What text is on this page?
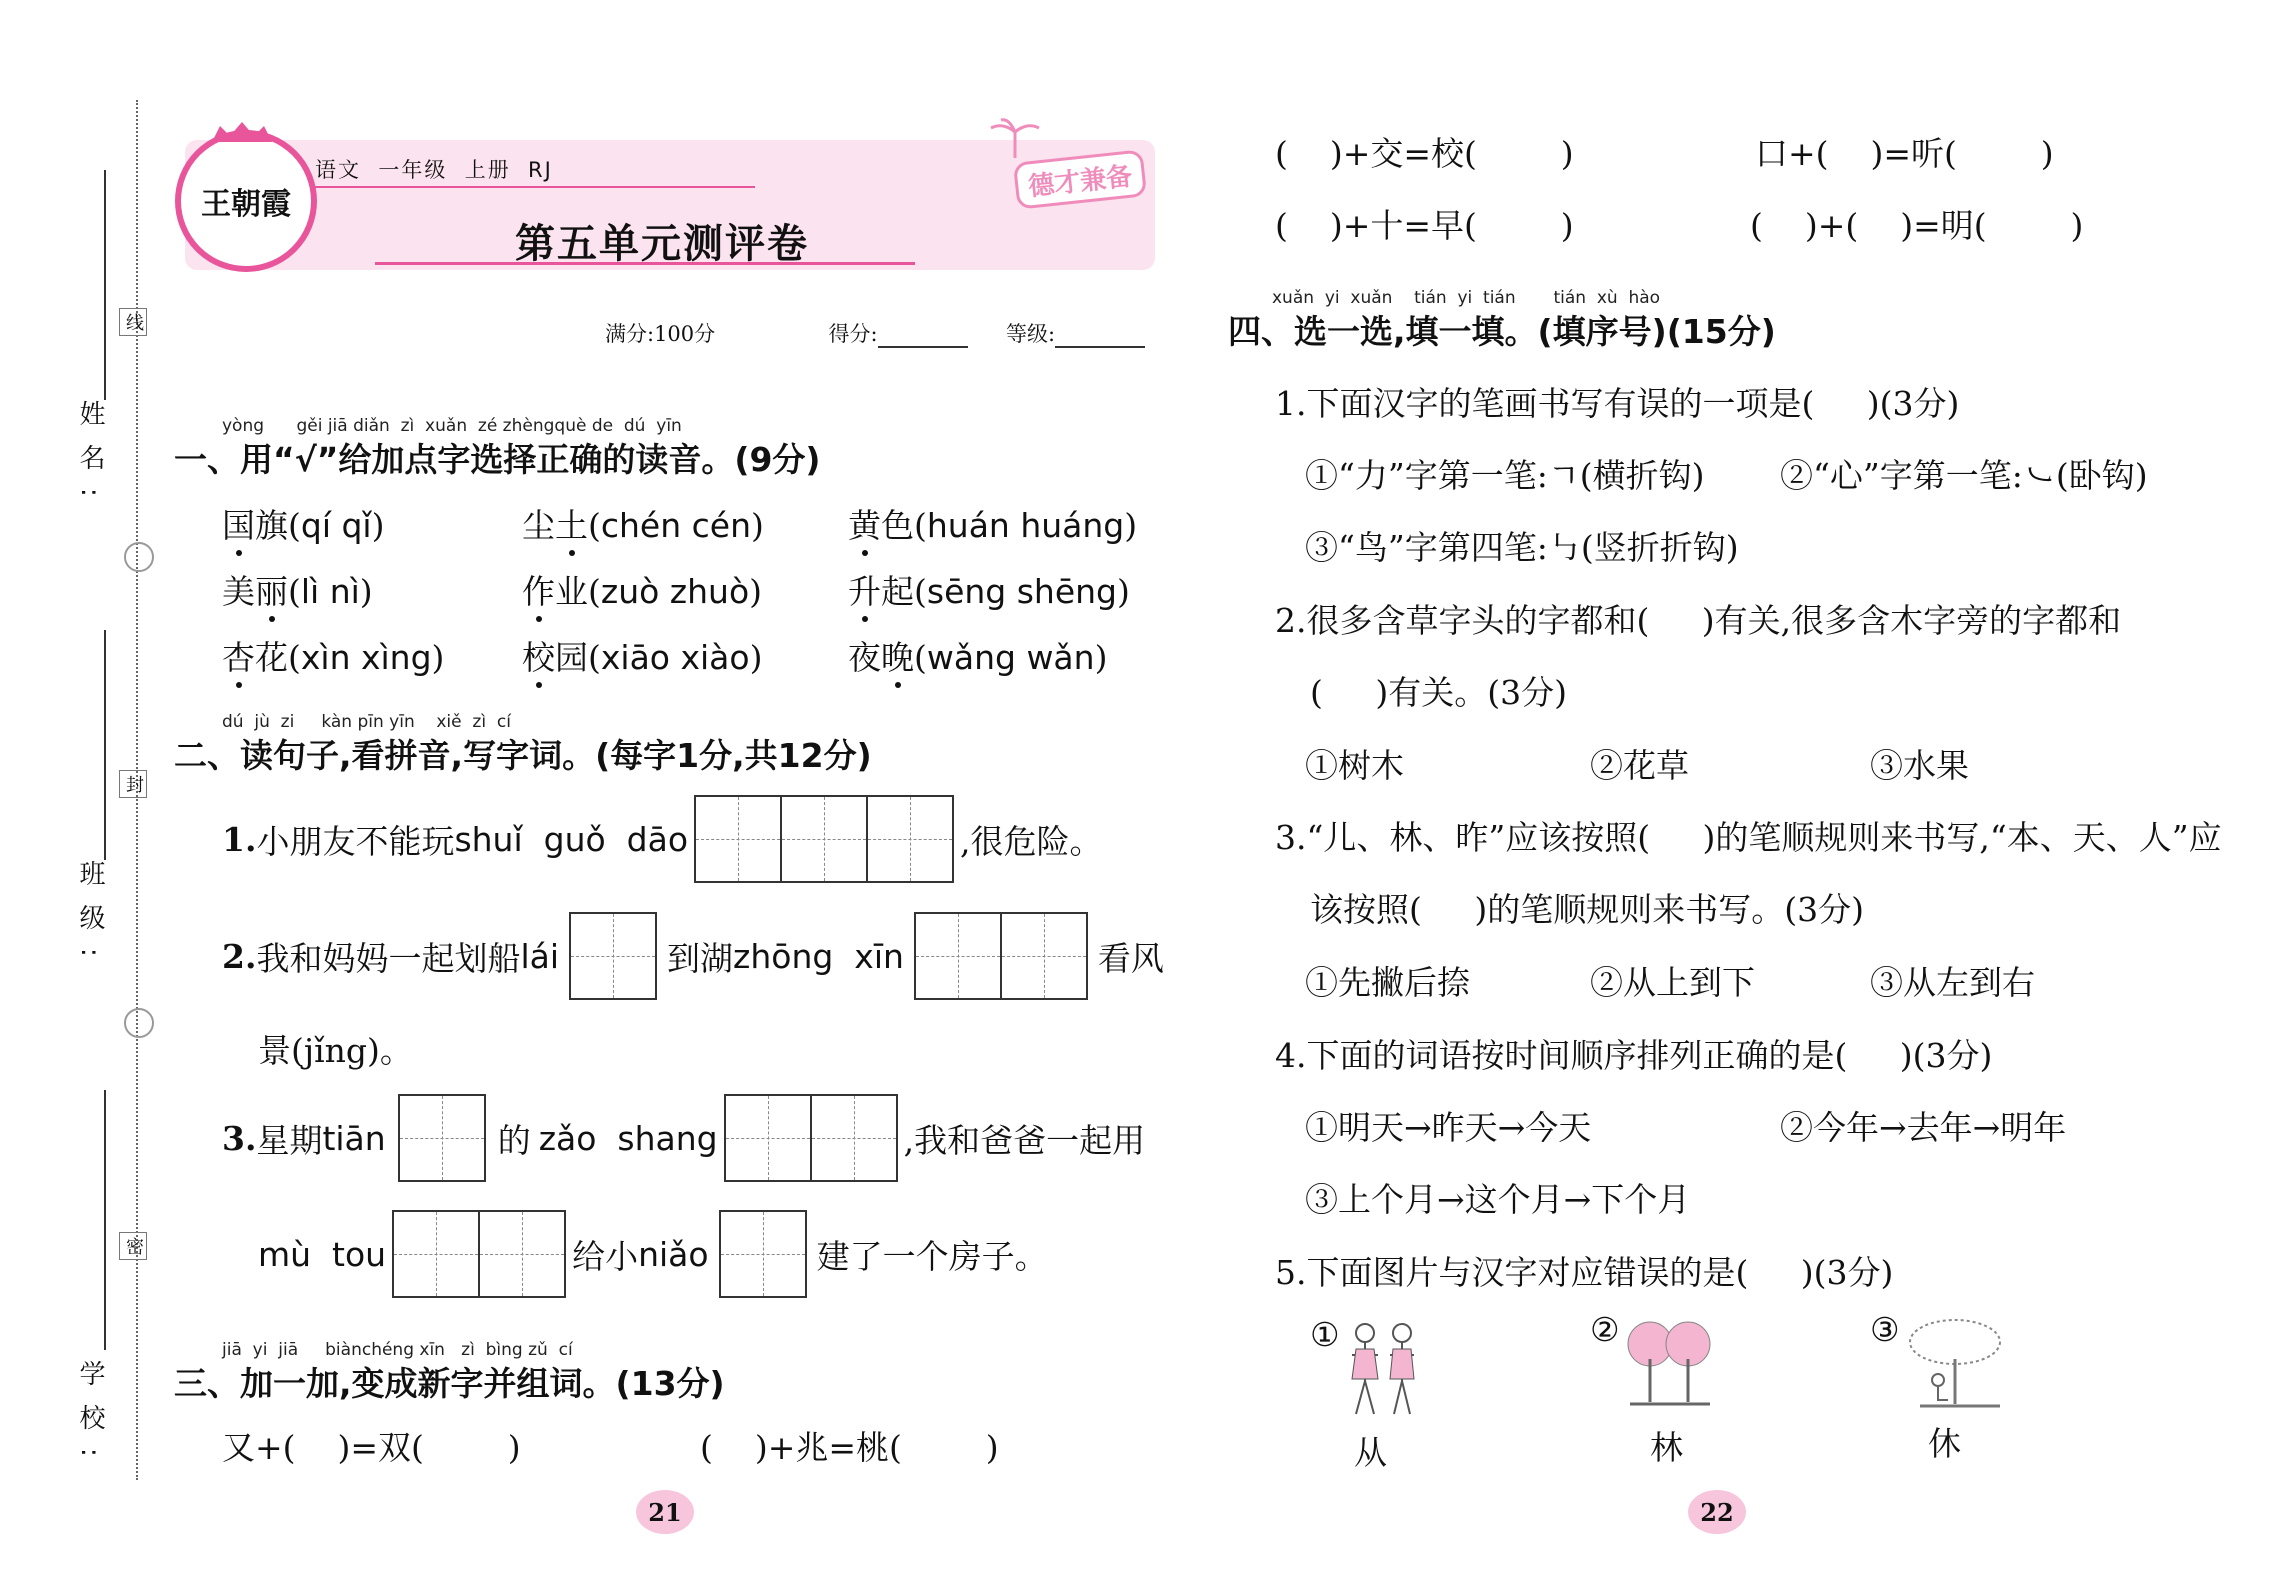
姓名:
班级:
学校:
线
封
密
王朝霞
语文  一年级  上册  RJ
第五单元测评卷
德才兼备
满分:100分	得分:	等级:
yòng      gěi jiā diǎn  zì  xuǎn  zé zhèngquè de  dú  yīn
一、用“√”给加点字选择正确的读音。(9分)
国旗(qí qǐ)	尘土(chén cén)	黄色(huán huáng)
美丽(lì nì)	作业(zuò zhuò)	升起(sēng shēng)
杏花(xìn xìng) 校园(xiāo xiào)	夜晚(wǎng wǎn)
dú  jù  zi     kàn pīn yīn    xiě  zì  cí
二、读句子,看拼音,写字词。(每字1分,共12分)
1. 小朋友不能玩 shuǐ  guǒ  dāo	,很危险。
2. 我和妈妈一起划船 lái	到湖 zhōng  xīn	看风
景(jǐng)。
3. 星期 tiān	的 zǎo  shang	,我和爸爸一起用
mù  tou	给小 niǎo	建了一个房子。
jiā  yi  jiā     biànchéng xīn   zì  bìng zǔ  cí
三、加一加,变成新字并组词。(13分)
又+(    )=双(        )	(    )+兆=桃(        )
21
(    )+交=校(        )	口+(    )=听(        )
(    )+十=早(        )	(    )+(    )=明(        )
xuǎn  yi  xuǎn    tián  yi  tián       tián  xù  hào
四、选一选,填一填。(填序号)(15分)
1.下面汉字的笔画书写有误的一项是(     )(3分)
①“力”字第一笔:ㄱ(横折钩) ②“心”字第一笔:㇃(卧钩)
③“鸟”字第四笔:㇉(竖折折钩)
2.很多含草字头的字都和(     )有关,很多含木字旁的字都和
(     )有关。(3分)
①树木	②花草	③水果
3.“儿、林、昨”应该按照(     )的笔顺规则来书写,“本、天、人”应
该按照(     )的笔顺规则来书写。(3分)
①先撇后捺	②从上到下	③从左到右
4.下面的词语按时间顺序排列正确的是(     )(3分)
①明天→昨天→今天	②今年→去年→明年
③上个月→这个月→下个月
5.下面图片与汉字对应错误的是(     )(3分)
①
从
②
林
③
休
22
